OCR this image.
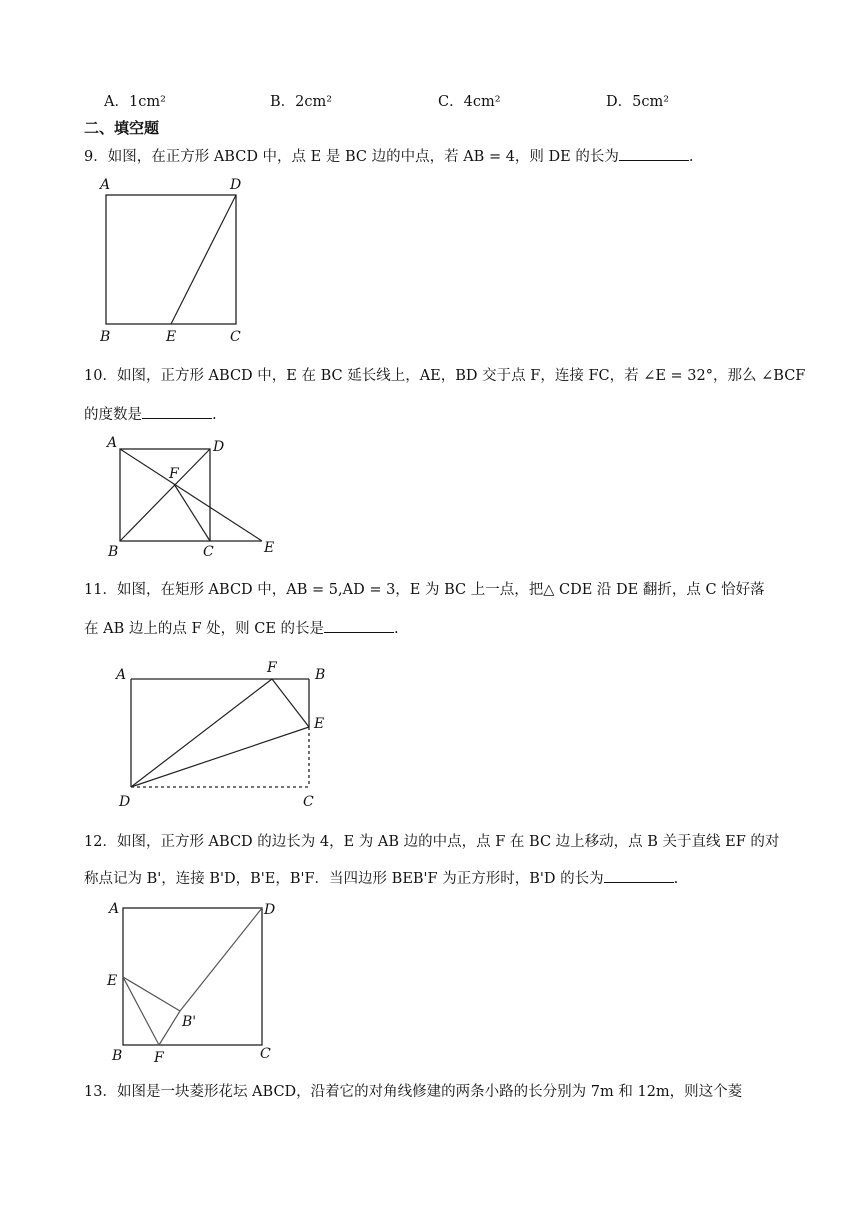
A．1cm²	B．2cm²	C．4cm²	D．5cm²
二、填空题
9．如图，在正方形 ABCD 中，点 E 是 BC 边的中点，若 AB = 4，则 DE 的长为	.
A	D
B	E	C
10．如图，正方形 ABCD 中，E 在 BC 延长线上，AE，BD 交于点 F，连接 FC，若 ∠E = 32°，那么 ∠BCF
的度数是	.
A	D
F
B	C	E
11．如图，在矩形 ABCD 中，AB = 5,AD = 3，E 为 BC 上一点，把△ CDE 沿 DE 翻折，点 C 恰好落
在 AB 边上的点 F 处，则 CE 的长是	.
A	F	B
E
D	C
12．如图，正方形 ABCD 的边长为 4，E 为 AB 边的中点，点 F 在 BC 边上移动，点 B 关于直线 EF 的对
称点记为 B'，连接 B'D，B'E，B'F．当四边形 BEB'F 为正方形时，B'D 的长为	.
A	D
E
B'
B F	C
13．如图是一块菱形花坛 ABCD，沿着它的对角线修建的两条小路的长分别为 7m 和 12m，则这个菱
